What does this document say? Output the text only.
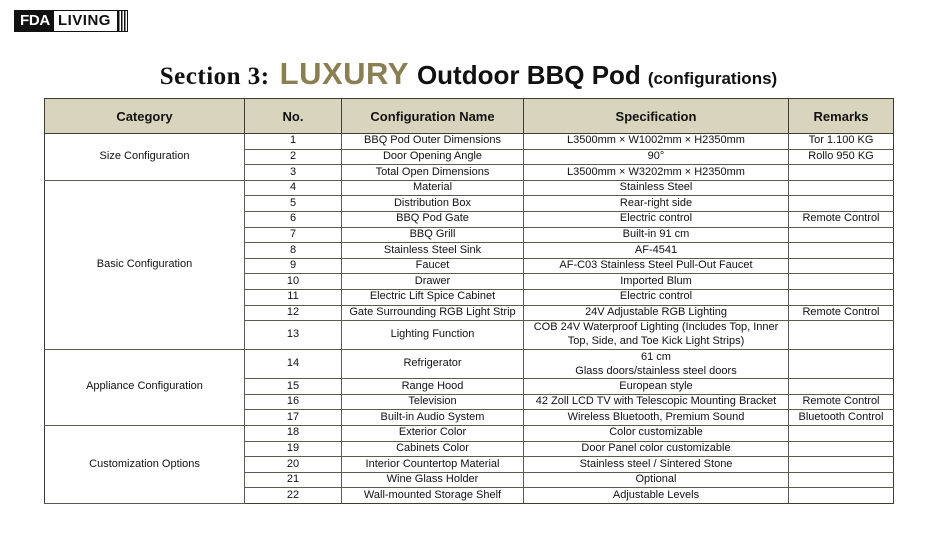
FDA LIVING
Section 3: LUXURY Outdoor BBQ Pod (configurations)
Category	No.	Configuration Name	Specification	Remarks
Size Configuration	1	BBQ Pod Outer Dimensions	L3500mm × W1002mm × H2350mm	Tor 1.100 KG
	2	Door Opening Angle	90°	Rollo 950 KG
	3	Total Open Dimensions	L3500mm × W3202mm × H2350mm	
Basic Configuration	4	Material	Stainless Steel	
	5	Distribution Box	Rear-right side	
	6	BBQ Pod Gate	Electric control	Remote Control
	7	BBQ Grill	Built-in 91 cm	
	8	Stainless Steel Sink	AF-4541	
	9	Faucet	AF-C03 Stainless Steel Pull-Out Faucet	
	10	Drawer	Imported Blum	
	11	Electric Lift Spice Cabinet	Electric control	
	12	Gate Surrounding RGB Light Strip	24V Adjustable RGB Lighting	Remote Control
	13	Lighting Function	COB 24V Waterproof Lighting (Includes Top, Inner Top, Side, and Toe Kick Light Strips)	
Appliance Configuration	14	Refrigerator	61 cm
Glass doors/stainless steel doors	
	15	Range Hood	European style	
	16	Television	42 Zoll LCD TV with Telescopic Mounting Bracket	Remote Control
	17	Built-in Audio System	Wireless Bluetooth, Premium Sound	Bluetooth Control
Customization Options	18	Exterior Color	Color customizable	
	19	Cabinets Color	Door Panel color customizable	
	20	Interior Countertop Material	Stainless steel / Sintered Stone	
	21	Wine Glass Holder	Optional	
	22	Wall-mounted Storage Shelf	Adjustable Levels	
